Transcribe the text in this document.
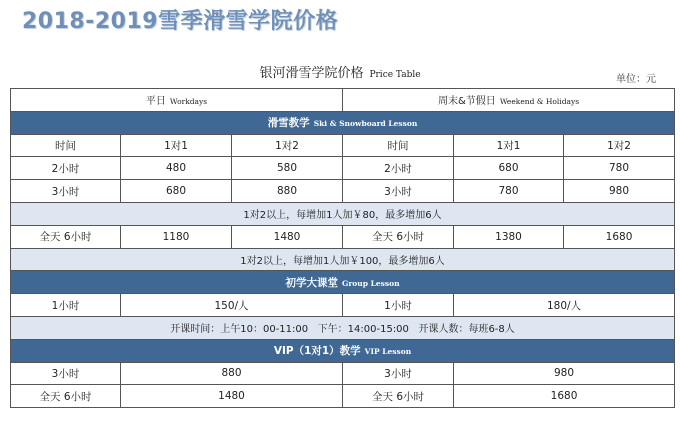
2018-2019雪季滑雪学院价格
银河滑雪学院价格 Price Table	单位：元
平日 Workdays			周末&节假日 Weekend & Holidays		
滑雪教学 Ski & Snowboard Lesson					
时间	1对1	1对2	时间	1对1	1对2
2小时	480	580	2小时	680	780
3小时	680	880	3小时	780	980
1对2以上，每增加1人加￥80，最多增加6人					
全天 6小时	1180	1480	全天 6小时	1380	1680
1对2以上，每增加1人加￥100，最多增加6人					
初学大课堂 Group Lesson					
1小时	150/人		1小时	180/人	
开课时间：上午10：00-11:00   下午：14:00-15:00   开课人数：每班6-8人					
VIP（1对1）教学 VIP Lesson					
3小时	880		3小时	980	
全天 6小时	1480		全天 6小时	1680	
